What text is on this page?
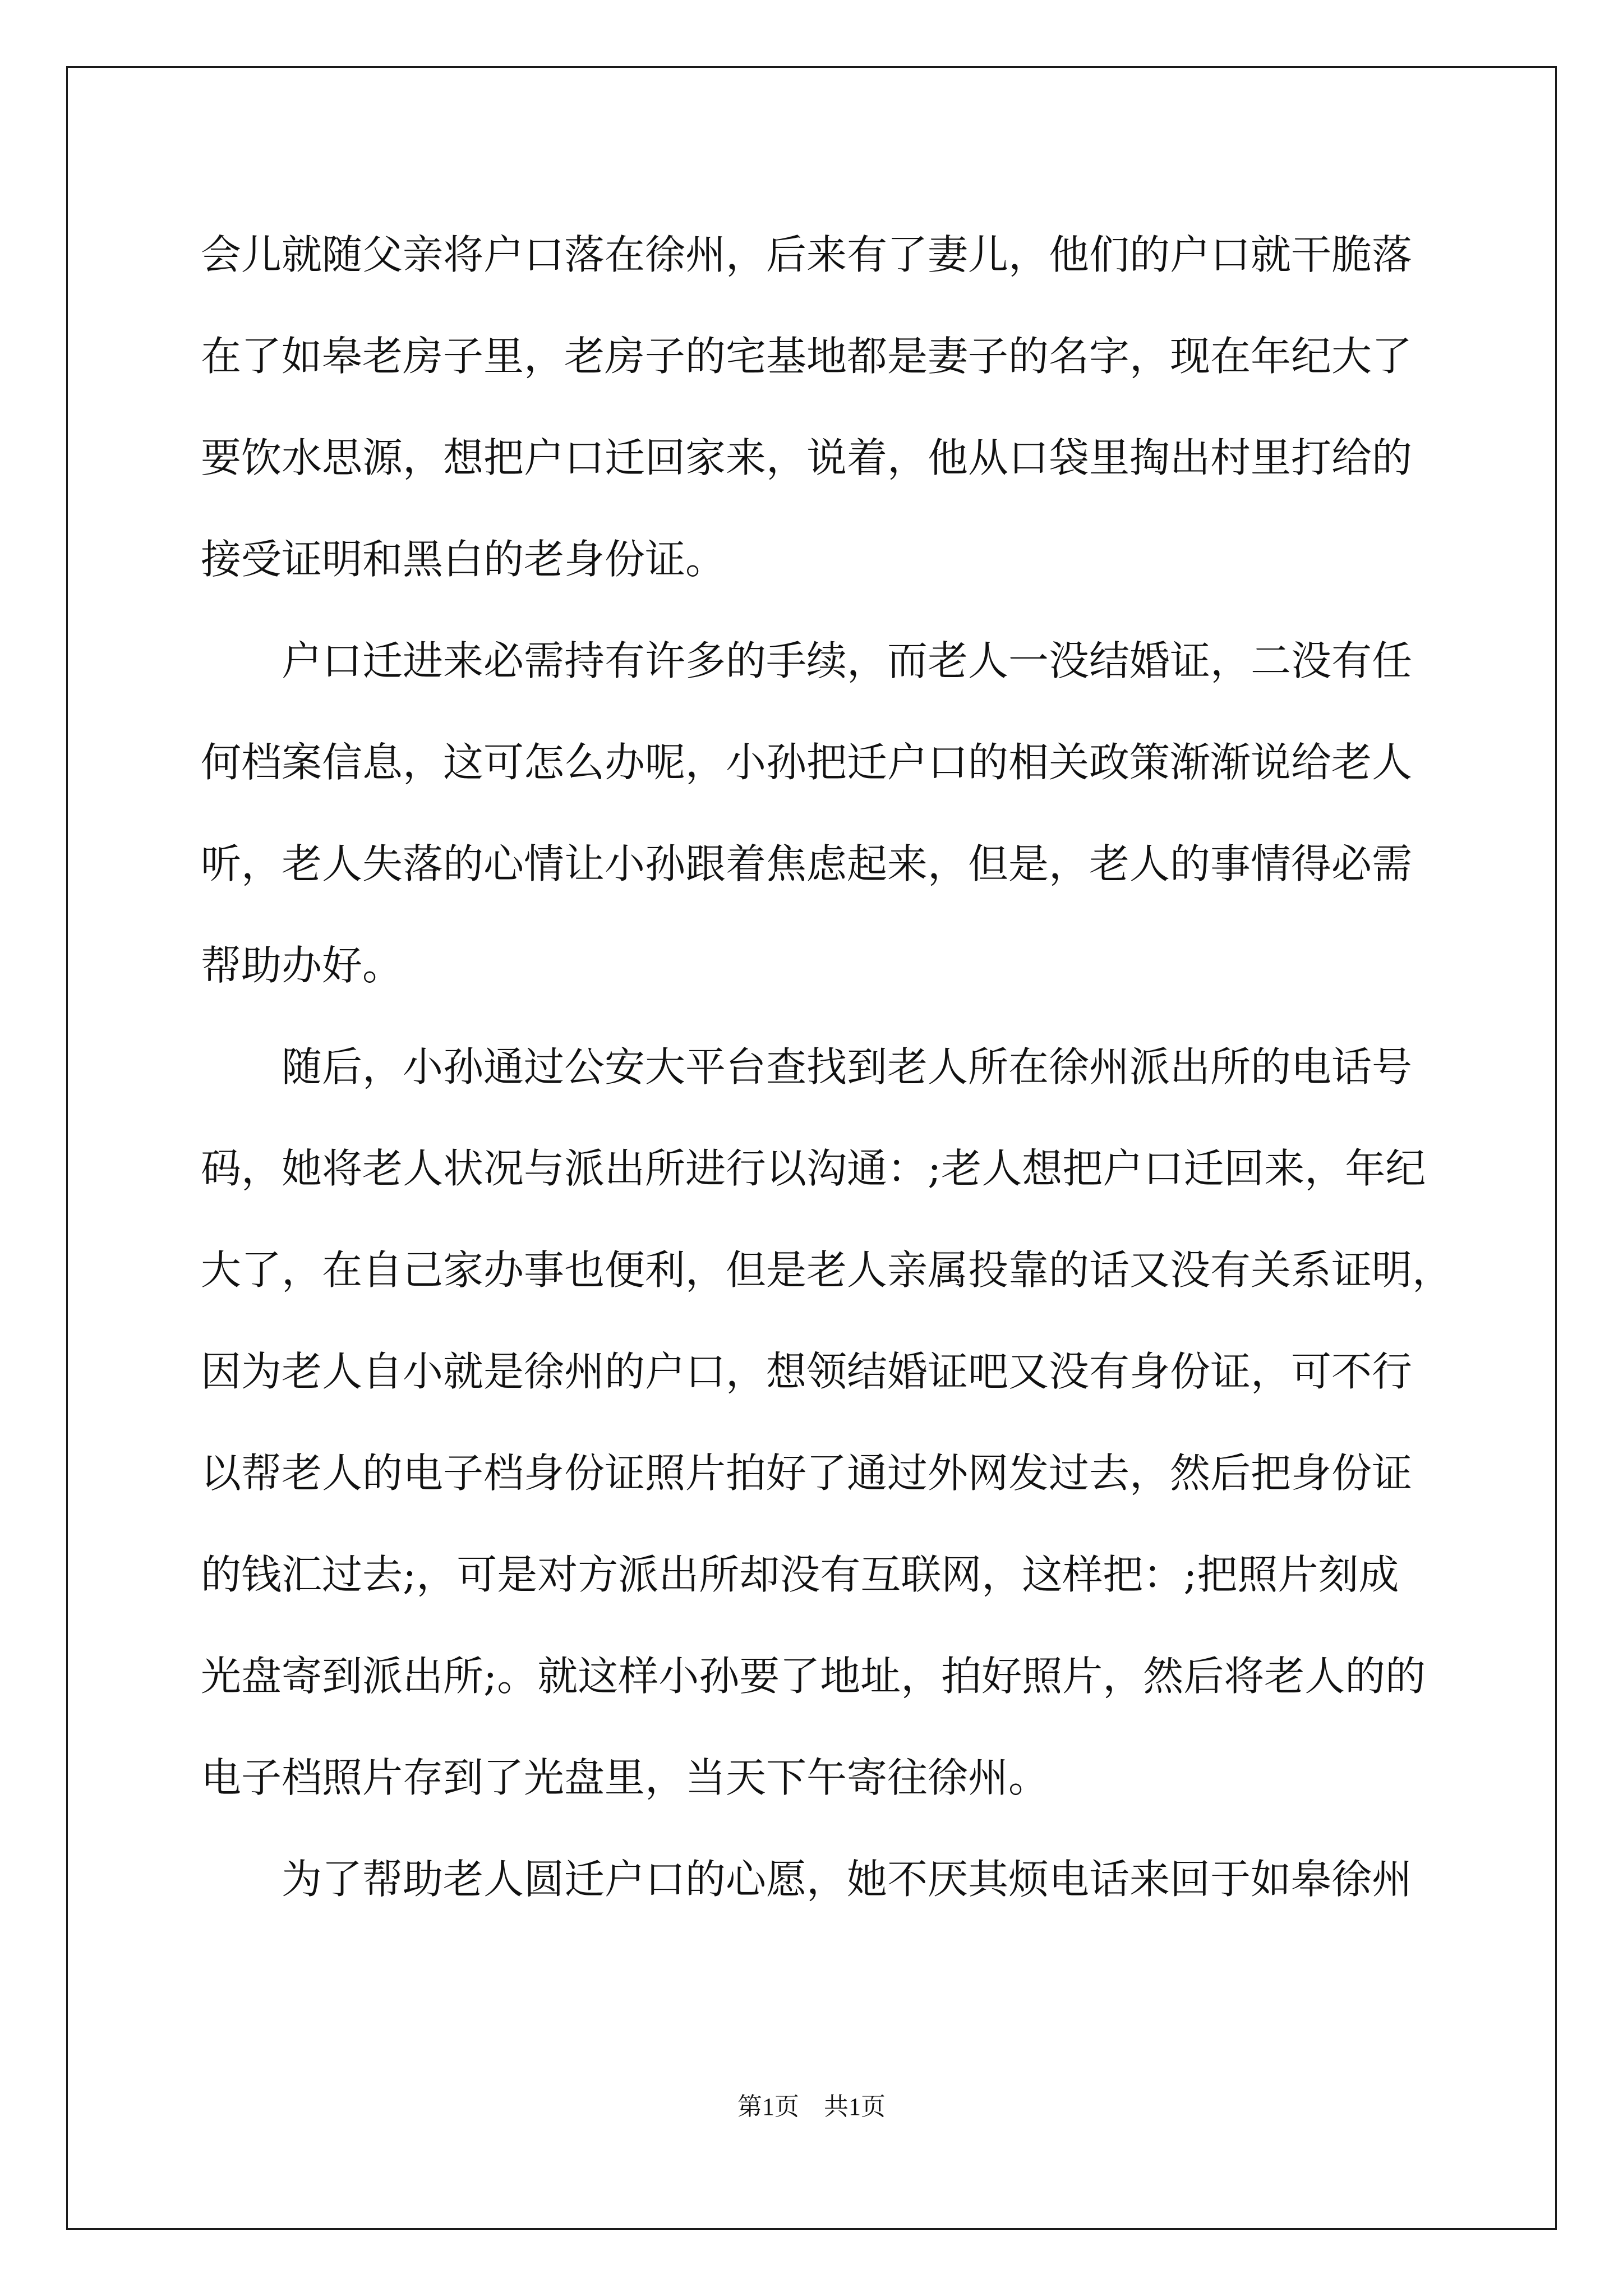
会儿就随父亲将户口落在徐州，后来有了妻儿，他们的户口就干脆落
在了如皋老房子里，老房子的宅基地都是妻子的名字，现在年纪大了
要饮水思源，想把户口迁回家来，说着，他从口袋里掏出村里打给的
接受证明和黑白的老身份证。
户口迁进来必需持有许多的手续，而老人一没结婚证，二没有任
何档案信息，这可怎么办呢，小孙把迁户口的相关政策渐渐说给老人
听，老人失落的心情让小孙跟着焦虑起来，但是，老人的事情得必需
帮助办好。
随后，小孙通过公安大平台查找到老人所在徐州派出所的电话号
码，她将老人状况与派出所进行以沟通：;老人想把户口迁回来，年纪
大了，在自己家办事也便利，但是老人亲属投靠的话又没有关系证明，
因为老人自小就是徐州的户口，想领结婚证吧又没有身份证，可不行
以帮老人的电子档身份证照片拍好了通过外网发过去，然后把身份证
的钱汇过去;，可是对方派出所却没有互联网，这样把：;把照片刻成
光盘寄到派出所;。就这样小孙要了地址，拍好照片，然后将老人的的
电子档照片存到了光盘里，当天下午寄往徐州。
为了帮助老人圆迁户口的心愿，她不厌其烦电话来回于如皋徐州
第1页 共1页
